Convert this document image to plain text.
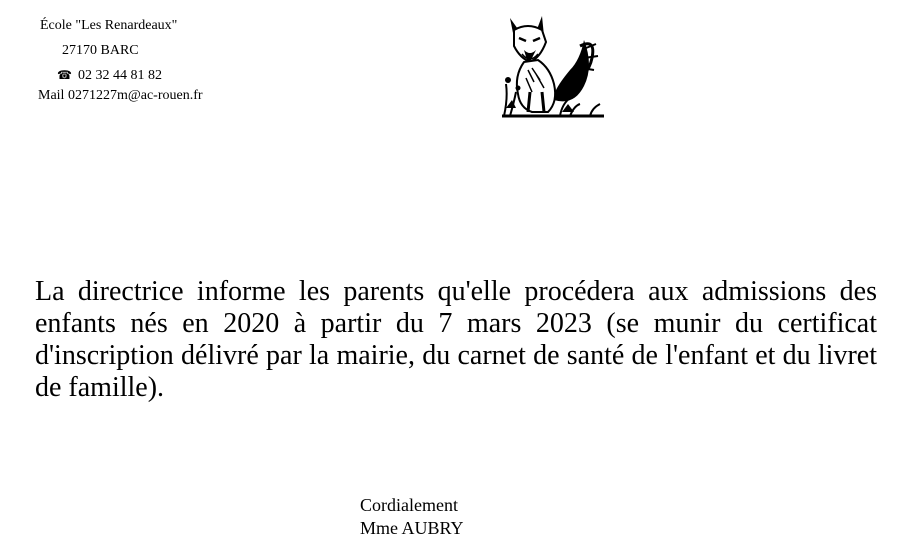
École "Les Renardeaux"
27170 BARC
☎ 02 32 44 81 82
Mail 0271227m@ac-rouen.fr

La directrice informe les parents qu'elle procédera aux admissions des enfants nés en 2020 à partir du 7 mars 2023 (se munir du certificat d'inscription délivré par la mairie, du carnet de santé de l'enfant et du livret de famille).

Cordialement
Mme AUBRY
